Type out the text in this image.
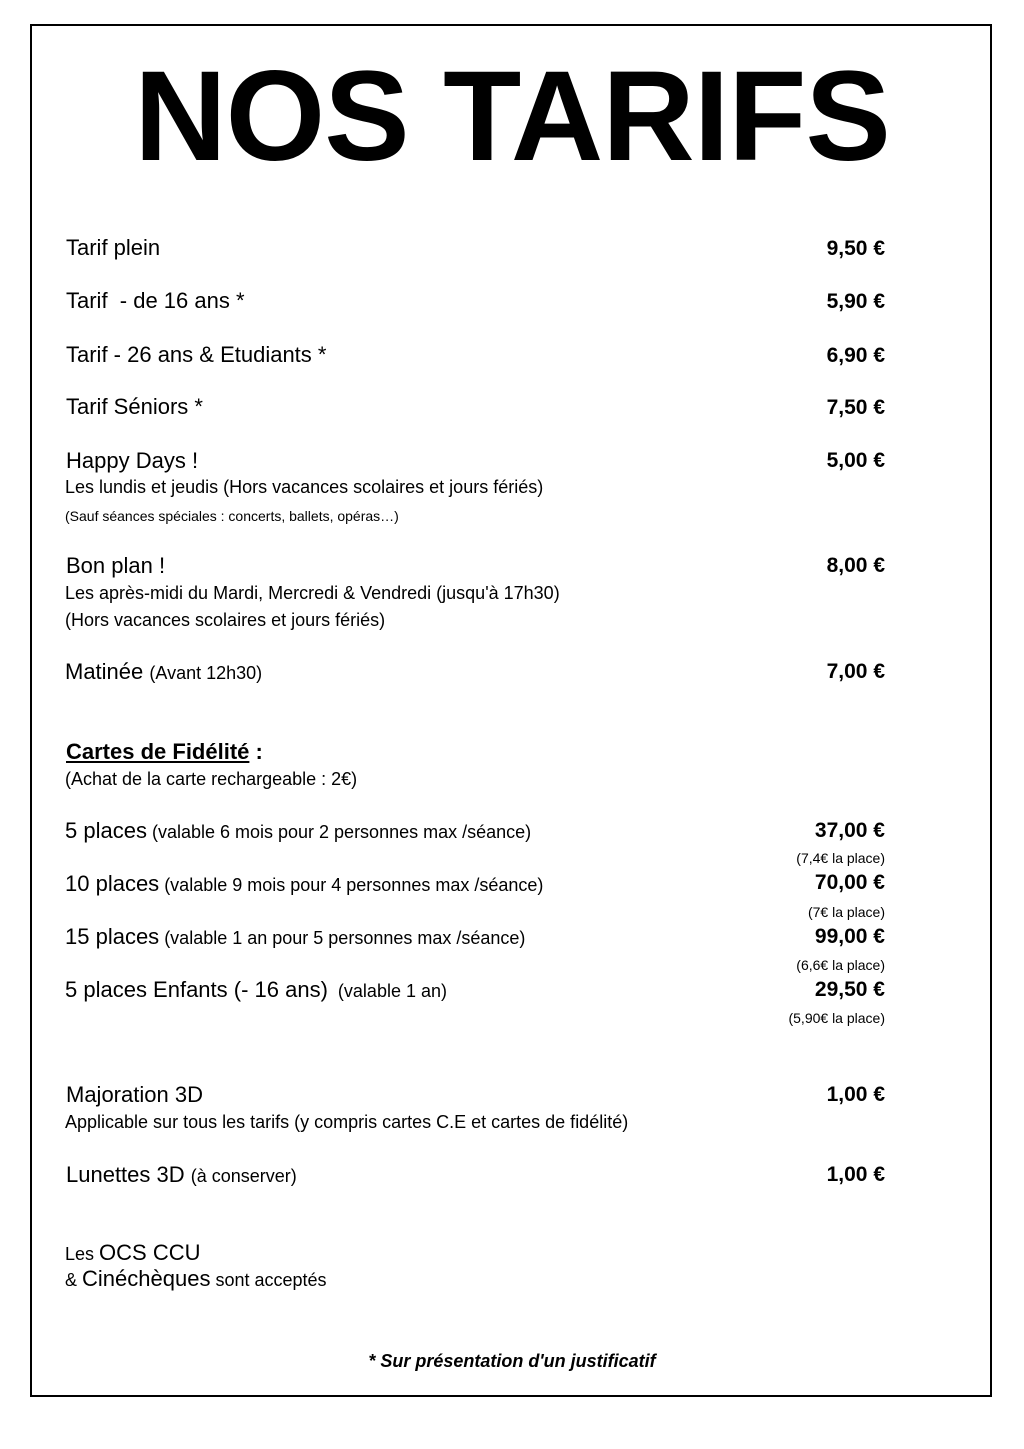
NOS TARIFS
Tarif plein	9,50 €
Tarif  - de 16 ans *	5,90 €
Tarif - 26 ans & Etudiants *	6,90 €
Tarif Séniors *	7,50 €
Happy Days !	5,00 €
Les lundis et jeudis (Hors vacances scolaires et jours fériés)
(Sauf séances spéciales : concerts, ballets, opéras…)
Bon plan !	8,00 €
Les après-midi du Mardi, Mercredi & Vendredi (jusqu'à 17h30)
(Hors vacances scolaires et jours fériés)
Matinée (Avant 12h30)	7,00 €
Cartes de Fidélité :
(Achat de la carte rechargeable : 2€)
5 places (valable 6 mois pour 2 personnes max /séance)	37,00 €
(7,4€ la place)
10 places (valable 9 mois pour 4 personnes max /séance)	70,00 €
(7€ la place)
15 places (valable 1 an pour 5 personnes max /séance)	99,00 €
(6,6€ la place)
5 places Enfants (- 16 ans)  (valable 1 an)	29,50 €
(5,90€ la place)
Majoration 3D	1,00 €
Applicable sur tous les tarifs (y compris cartes C.E et cartes de fidélité)
Lunettes 3D (à conserver)	1,00 €
Les OCS CCU
& Cinéchèques sont acceptés
* Sur présentation d'un justificatif
